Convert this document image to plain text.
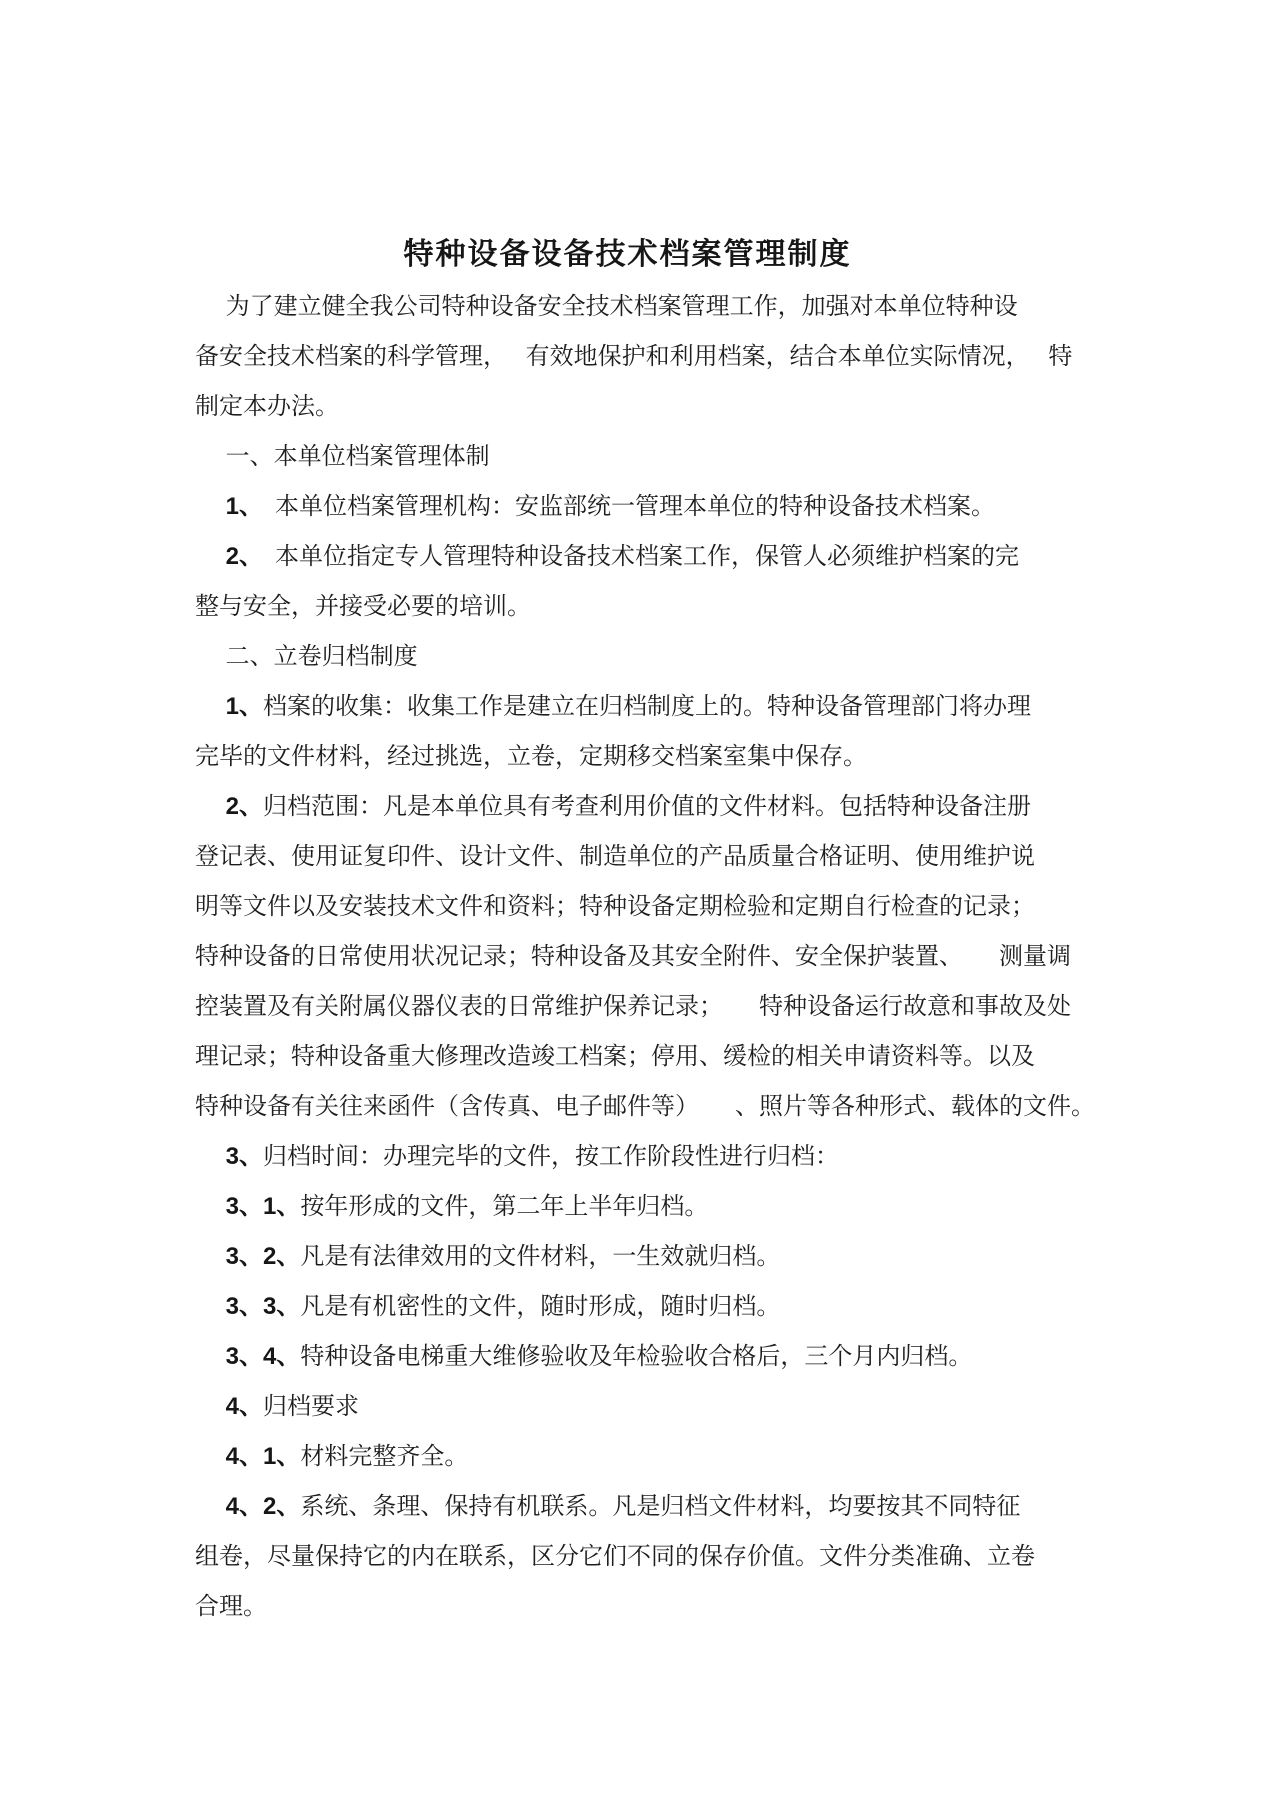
特种设备设备技术档案管理制度
　 为了建立健全我公司特种设备安全技术档案管理工作，加强对本单位特种设
备安全技术档案的科学管理，　 有效地保护和利用档案，结合本单位实际情况，　 特
制定本办法。
　 一、本单位档案管理体制
　 1、　本单位档案管理机构：安监部统一管理本单位的特种设备技术档案。
　 2、　本单位指定专人管理特种设备技术档案工作，保管人必须维护档案的完
整与安全，并接受必要的培训。
　 二、立卷归档制度
　 1、档案的收集：收集工作是建立在归档制度上的。特种设备管理部门将办理
完毕的文件材料，经过挑选，立卷，定期移交档案室集中保存。
　 2、归档范围：凡是本单位具有考查利用价值的文件材料。包括特种设备注册
登记表、使用证复印件、设计文件、制造单位的产品质量合格证明、使用维护说
明等文件以及安装技术文件和资料；特种设备定期检验和定期自行检查的记录；
特种设备的日常使用状况记录；特种设备及其安全附件、安全保护装置、　　测量调
控装置及有关附属仪器仪表的日常维护保养记录；　　特种设备运行故意和事故及处
理记录；特种设备重大修理改造竣工档案；停用、缓检的相关申请资料等。以及
特种设备有关往来函件（含传真、电子邮件等）　　、照片等各种形式、载体的文件。
　 3、归档时间：办理完毕的文件，按工作阶段性进行归档：
　 3、1、按年形成的文件，第二年上半年归档。
　 3、2、凡是有法律效用的文件材料，一生效就归档。
　 3、3、凡是有机密性的文件，随时形成，随时归档。
　 3、4、特种设备电梯重大维修验收及年检验收合格后，三个月内归档。
　 4、归档要求
　 4、1、材料完整齐全。
　 4、2、系统、条理、保持有机联系。凡是归档文件材料，均要按其不同特征
组卷，尽量保持它的内在联系，区分它们不同的保存价值。文件分类准确、立卷
合理。
